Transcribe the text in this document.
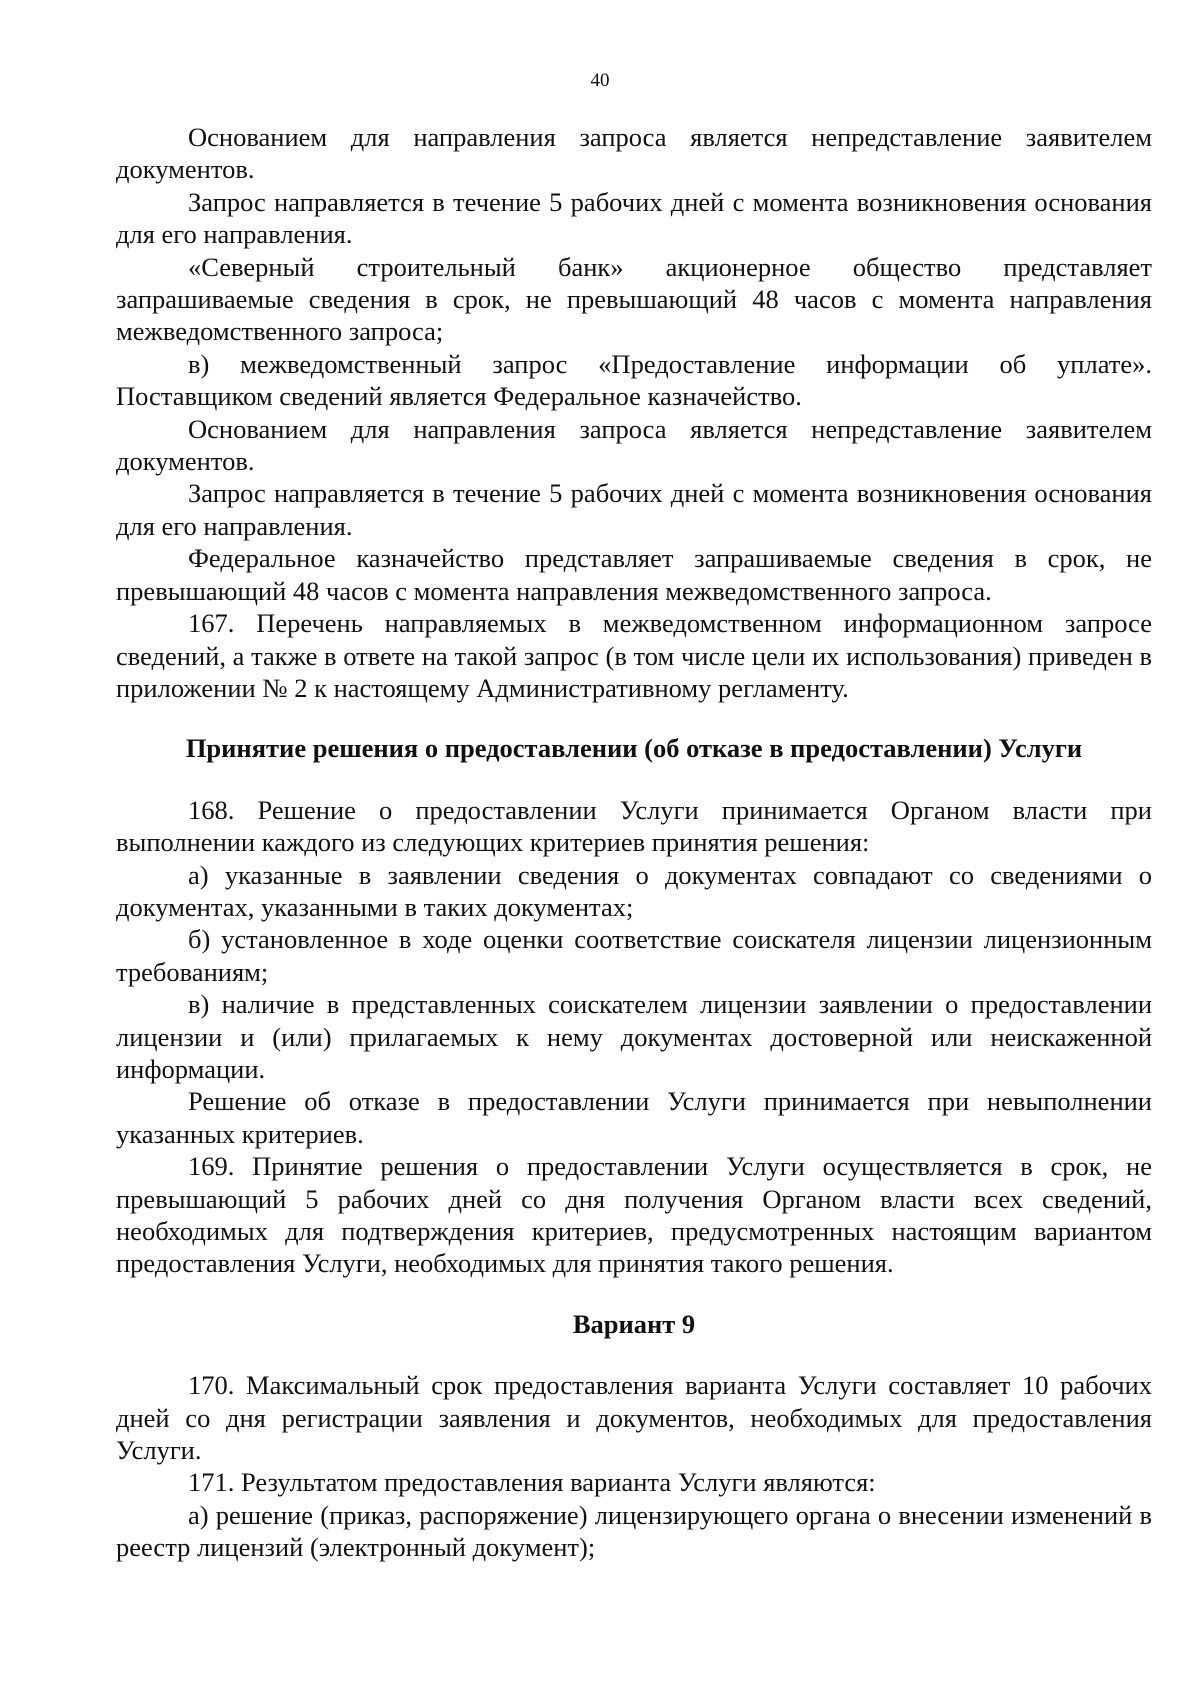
40

Основанием для направления запроса является непредставление заявителем документов.

Запрос направляется в течение 5 рабочих дней с момента возникновения основания для его направления.

«Северный строительный банк» акционерное общество представляет запрашиваемые сведения в срок, не превышающий 48 часов с момента направления межведомственного запроса;

в) межведомственный запрос «Предоставление информации об уплате». Поставщиком сведений является Федеральное казначейство.

Основанием для направления запроса является непредставление заявителем документов.

Запрос направляется в течение 5 рабочих дней с момента возникновения основания для его направления.

Федеральное казначейство представляет запрашиваемые сведения в срок, не превышающий 48 часов с момента направления межведомственного запроса.

167. Перечень направляемых в межведомственном информационном запросе сведений, а также в ответе на такой запрос (в том числе цели их использования) приведен в приложении № 2 к настоящему Административному регламенту.

Принятие решения о предоставлении (об отказе в предоставлении) Услуги

168. Решение о предоставлении Услуги принимается Органом власти при выполнении каждого из следующих критериев принятия решения:

а) указанные в заявлении сведения о документах совпадают со сведениями о документах, указанными в таких документах;

б) установленное в ходе оценки соответствие соискателя лицензии лицензионным требованиям;

в) наличие в представленных соискателем лицензии заявлении о предоставлении лицензии и (или) прилагаемых к нему документах достоверной или неискаженной информации.

Решение об отказе в предоставлении Услуги принимается при невыполнении указанных критериев.

169. Принятие решения о предоставлении Услуги осуществляется в срок, не превышающий 5 рабочих дней со дня получения Органом власти всех сведений, необходимых для подтверждения критериев, предусмотренных настоящим вариантом предоставления Услуги, необходимых для принятия такого решения.

Вариант 9

170. Максимальный срок предоставления варианта Услуги составляет 10 рабочих дней со дня регистрации заявления и документов, необходимых для предоставления Услуги.

171. Результатом предоставления варианта Услуги являются:

а) решение (приказ, распоряжение) лицензирующего органа о внесении изменений в реестр лицензий (электронный документ);
